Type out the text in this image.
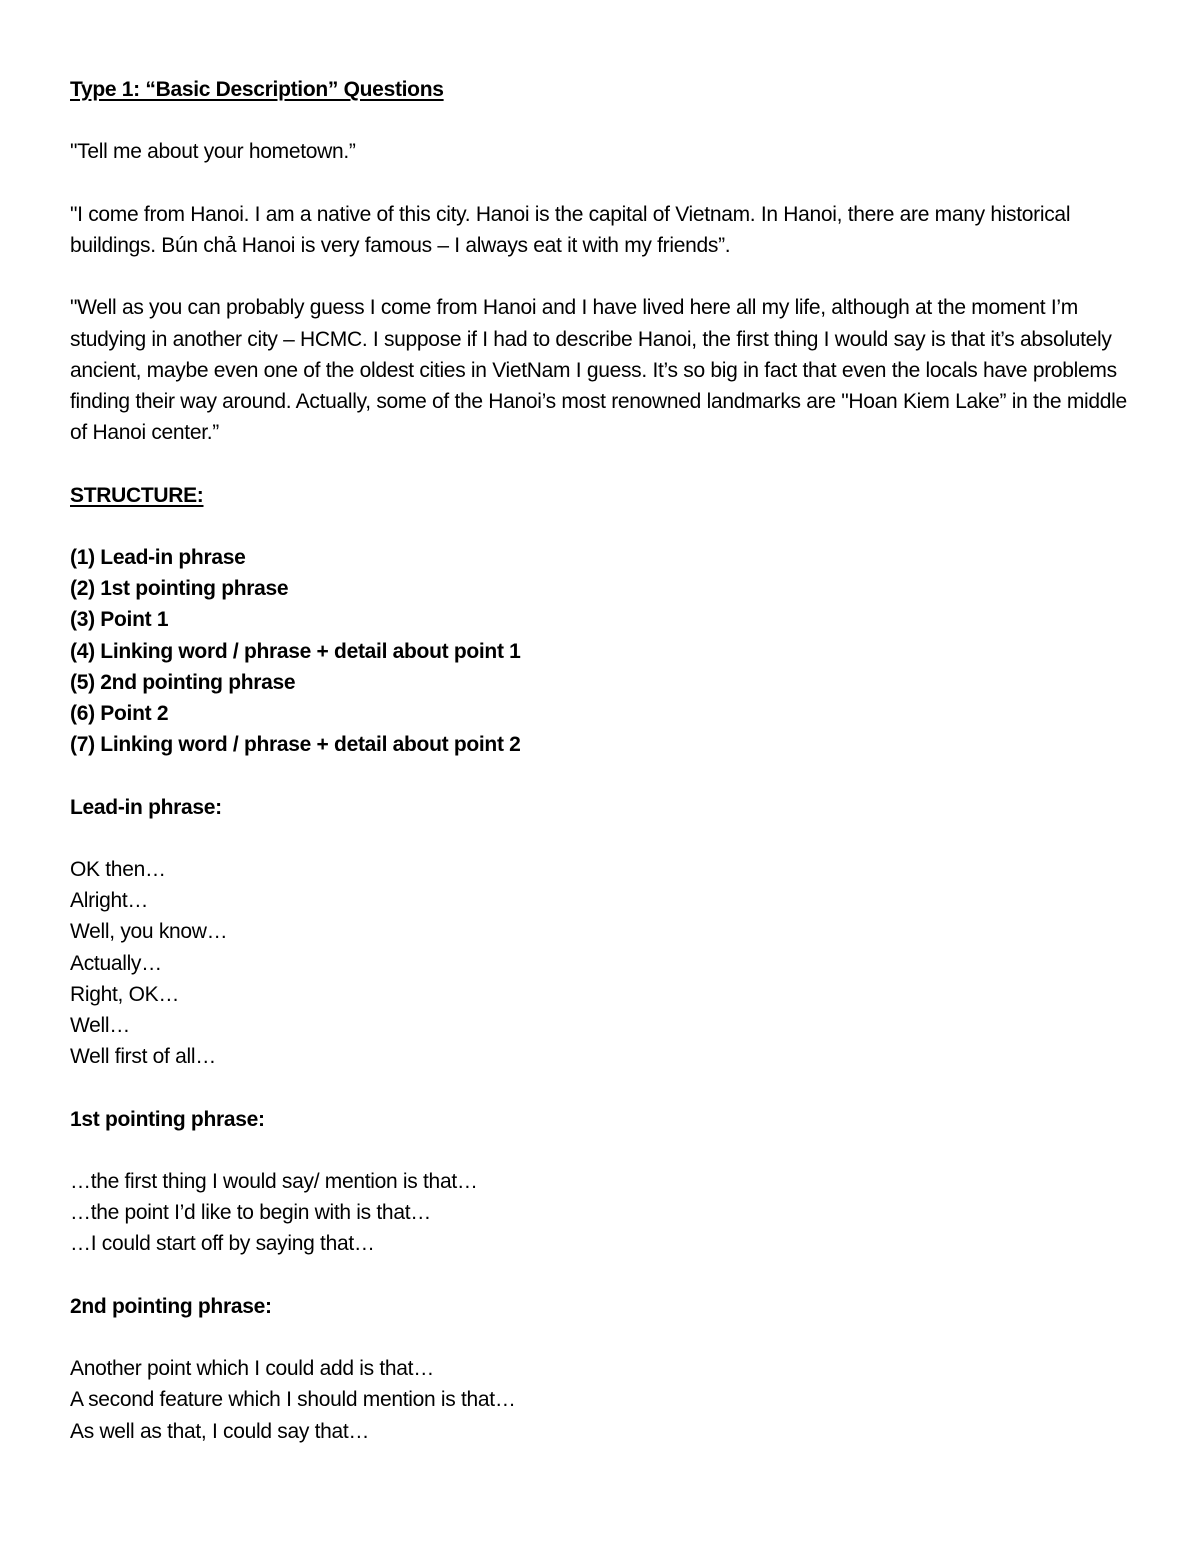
Type 1: “Basic Description” Questions

"Tell me about your hometown.”

"I come from Hanoi. I am a native of this city. Hanoi is the capital of Vietnam. In Hanoi, there are many historical buildings. Bún chả Hanoi is very famous – I always eat it with my friends”.

"Well as you can probably guess I come from Hanoi and I have lived here all my life, although at the moment I’m studying in another city – HCMC. I suppose if I had to describe Hanoi, the first thing I would say is that it’s absolutely ancient, maybe even one of the oldest cities in VietNam I guess. It’s so big in fact that even the locals have problems finding their way around. Actually, some of the Hanoi’s most renowned landmarks are "Hoan Kiem Lake” in the middle of Hanoi center.”

STRUCTURE:

(1) Lead-in phrase
(2) 1st pointing phrase
(3) Point 1
(4) Linking word / phrase + detail about point 1
(5) 2nd pointing phrase
(6) Point 2
(7) Linking word / phrase + detail about point 2

Lead-in phrase:

OK then…
Alright…
Well, you know…
Actually…
Right, OK…
Well…
Well first of all…

1st pointing phrase:

…the first thing I would say/ mention is that…
…the point I’d like to begin with is that…
…I could start off by saying that…

2nd pointing phrase:

Another point which I could add is that…
A second feature which I should mention is that…
As well as that, I could say that…
